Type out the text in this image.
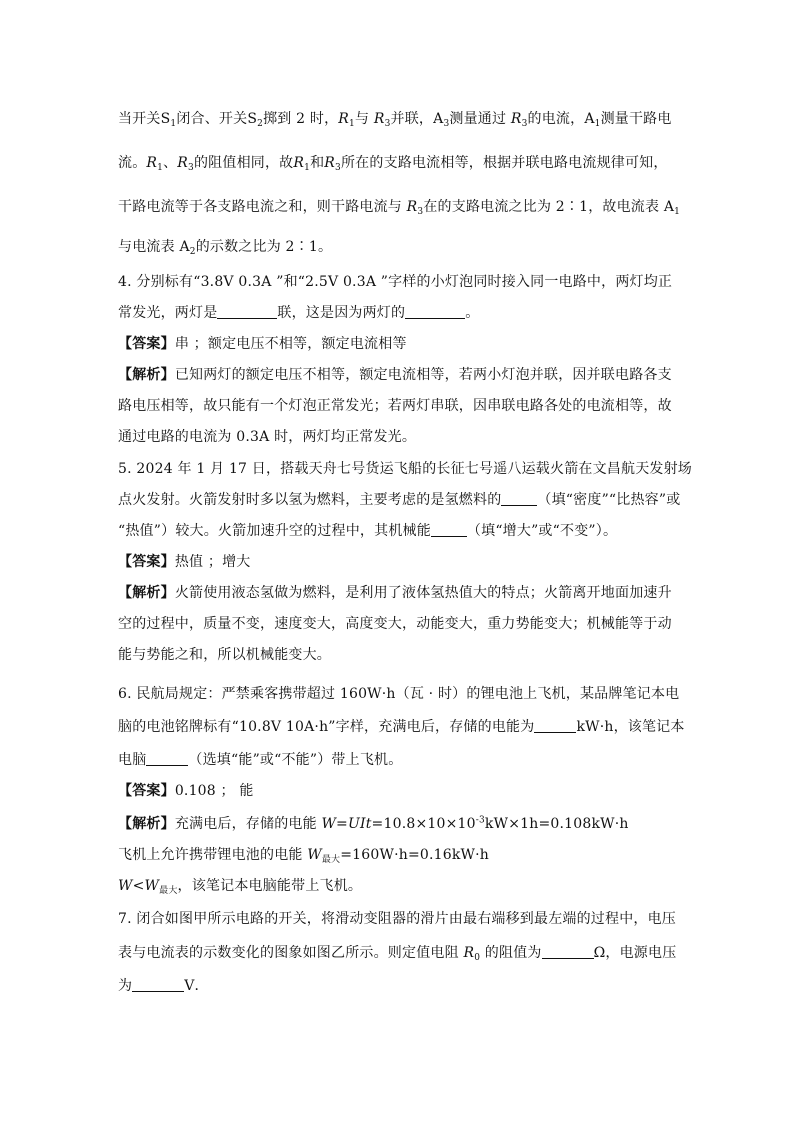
当开关$S_1$闭合、开关$S_2$掷到 2 时，$R_1$与 $R_3$并联，$A_3$测量通过 $R_3$的电流，$A_1$测量干路电
流。$R_1$、$R_3$的阻值相同，故$R_1$和$R_3$所在的支路电流相等，根据并联电路电流规律可知，
干路电流等于各支路电流之和，则干路电流与 $R_3$在的支路电流之比为 2∶1，故电流表 $A_1$
与电流表 $A_2$的示数之比为 2∶1。
4. 分别标有“3.8V 0.3A ”和“2.5V 0.3A ”字样的小灯泡同时接入同一电路中，两灯均正
常发光，两灯是	联，这是因为两灯的	。
【答案】串 ；额定电压不相等，额定电流相等
【解析】已知两灯的额定电压不相等，额定电流相等，若两小灯泡并联，因并联电路各支
路电压相等，故只能有一个灯泡正常发光；若两灯串联，因串联电路各处的电流相等，故
通过电路的电流为 0.3A 时，两灯均正常发光。
5. 2024 年 1 月 17 日，搭载天舟七号货运飞船的长征七号遥八运载火箭在文昌航天发射场
点火发射。火箭发射时多以氢为燃料，主要考虑的是氢燃料的	（填“密度”“比热容”或
“热值”）较大。火箭加速升空的过程中，其机械能	（填“增大”或“不变”）。
【答案】热值 ；增大
【解析】火箭使用液态氢做为燃料，是利用了液体氢热值大的特点；火箭离开地面加速升
空的过程中，质量不变，速度变大，高度变大，动能变大，重力势能变大；机械能等于动
能与势能之和，所以机械能变大。
6. 民航局规定：严禁乘客携带超过 160W·h（瓦 · 时）的锂电池上飞机，某品牌笔记本电
脑的电池铭牌标有“10.8V 10A·h”字样，充满电后，存储的电能为	kW·h，该笔记本
电脑	（选填“能”或“不能”）带上飞机。
【答案】0.108 ； 能
【解析】充满电后，存储的电能 $W=UIt=10.8\times 10\times 10^{-3}kW\times 1h=0.108kW\cdot h$
飞机上允许携带锂电池的电能 $W_{最大}=160W\cdot h=0.16kW\cdot h$
$W<W_{最大}$，该笔记本电脑能带上飞机。
7. 闭合如图甲所示电路的开关，将滑动变阻器的滑片由最右端移到最左端的过程中，电压
表与电流表的示数变化的图象如图乙所示。则定值电阻 $R_0$ 的阻值为	Ω，电源电压
为	V．
